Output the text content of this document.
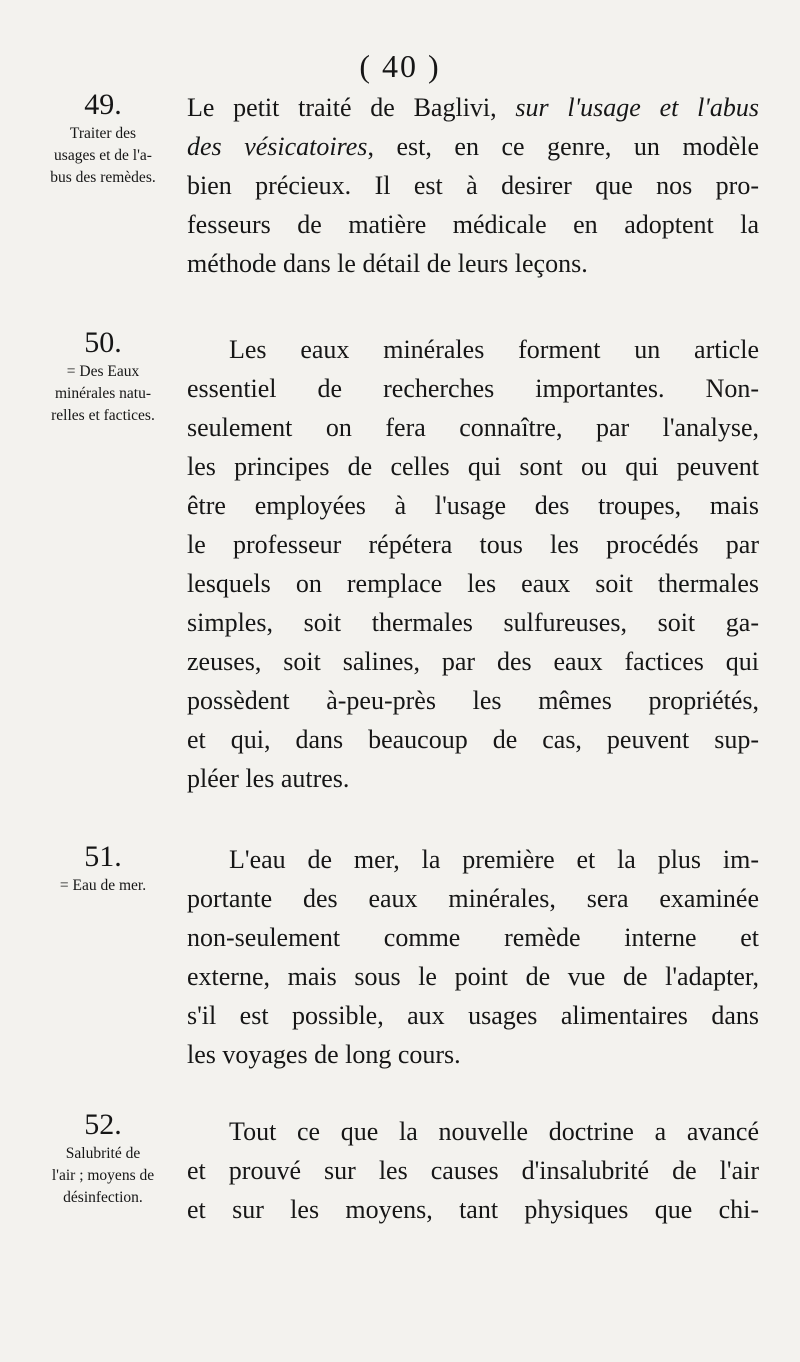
( 40 )
49.
Traiter des
usages et de l'a-
bus des remèdes.
Le petit traité de Baglivi, sur l'usage et l'abus
des vésicatoires, est, en ce genre, un modèle
bien précieux. Il est à desirer que nos pro-
fesseurs de matière médicale en adoptent la
méthode dans le détail de leurs leçons.
50.
= Des Eaux
minérales natu-
relles et factices.
Les eaux minérales forment un article
essentiel de recherches importantes. Non-
seulement on fera connaître, par l'analyse,
les principes de celles qui sont ou qui peuvent
être employées à l'usage des troupes, mais
le professeur répétera tous les procédés par
lesquels on remplace les eaux soit thermales
simples, soit thermales sulfureuses, soit ga-
zeuses, soit salines, par des eaux factices qui
possèdent à-peu-près les mêmes propriétés,
et qui, dans beaucoup de cas, peuvent sup-
pléer les autres.
51.
= Eau de mer.
L'eau de mer, la première et la plus im-
portante des eaux minérales, sera examinée
non-seulement comme remède interne et
externe, mais sous le point de vue de l'adapter,
s'il est possible, aux usages alimentaires dans
les voyages de long cours.
52.
Salubrité de
l'air ; moyens de
désinfection.
Tout ce que la nouvelle doctrine a avancé
et prouvé sur les causes d'insalubrité de l'air
et sur les moyens, tant physiques que chi-
